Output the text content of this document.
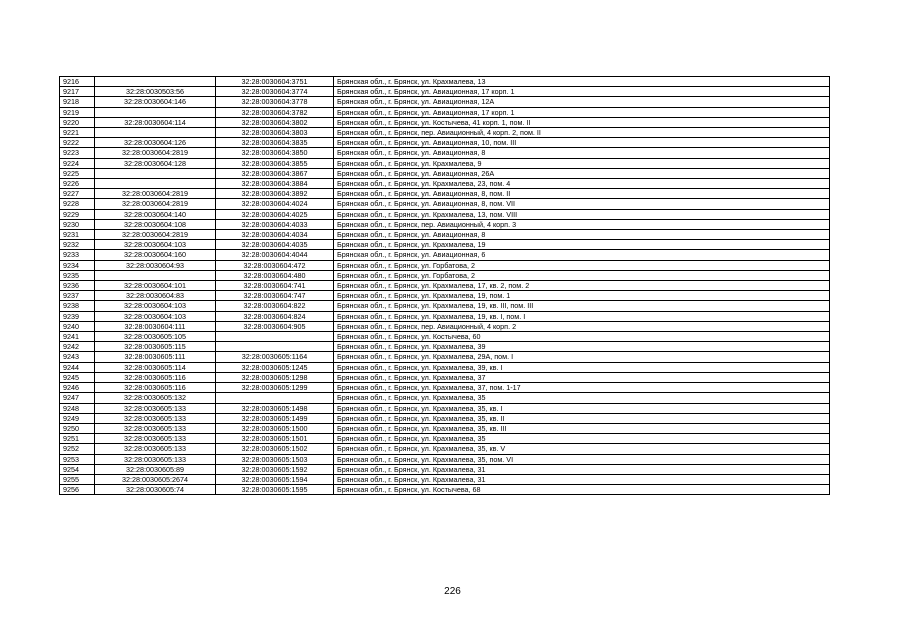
9216		32:28:0030604:3751	Брянская обл., г. Брянск, ул. Крахмалева, 13
9217	32:28:0030503:56	32:28:0030604:3774	Брянская обл., г. Брянск, ул. Авиационная, 17 корп. 1
9218	32:28:0030604:146	32:28:0030604:3778	Брянская обл., г. Брянск, ул. Авиационная, 12А
9219		32:28:0030604:3782	Брянская обл., г. Брянск, ул. Авиационная, 17 корп. 1
9220	32:28:0030604:114	32:28:0030604:3802	Брянская обл., г. Брянск, ул. Костычева, 41 корп. 1, пом. II
9221		32:28:0030604:3803	Брянская обл., г. Брянск, пер. Авиационный, 4 корп. 2, пом. II
9222	32:28:0030604:126	32:28:0030604:3835	Брянская обл., г. Брянск, ул. Авиационная, 10, пом. III
9223	32:28:0030604:2819	32:28:0030604:3850	Брянская обл., г. Брянск, ул. Авиационная, 8
9224	32:28:0030604:128	32:28:0030604:3855	Брянская обл., г. Брянск, ул. Крахмалева, 9
9225		32:28:0030604:3867	Брянская обл., г. Брянск, ул. Авиационная, 26А
9226		32:28:0030604:3884	Брянская обл., г. Брянск, ул. Крахмалева, 23, пом. 4
9227	32:28:0030604:2819	32:28:0030604:3892	Брянская обл., г. Брянск, ул. Авиационная, 8, пом. II
9228	32:28:0030604:2819	32:28:0030604:4024	Брянская обл., г. Брянск, ул. Авиационная, 8, пом. VII
9229	32:28:0030604:140	32:28:0030604:4025	Брянская обл., г. Брянск, ул. Крахмалева, 13, пом. VIII
9230	32:28:0030604:108	32:28:0030604:4033	Брянская обл., г. Брянск, пер. Авиационный, 4 корп. 3
9231	32:28:0030604:2819	32:28:0030604:4034	Брянская обл., г. Брянск, ул. Авиационная, 8
9232	32:28:0030604:103	32:28:0030604:4035	Брянская обл., г. Брянск, ул. Крахмалева, 19
9233	32:28:0030604:160	32:28:0030604:4044	Брянская обл., г. Брянск, ул. Авиационная, 6
9234	32:28:0030604:93	32:28:0030604:472	Брянская обл., г. Брянск, ул. Горбатова, 2
9235		32:28:0030604:480	Брянская обл., г. Брянск, ул. Горбатова, 2
9236	32:28:0030604:101	32:28:0030604:741	Брянская обл., г. Брянск, ул. Крахмалева, 17, кв. 2, пом. 2
9237	32:28:0030604:83	32:28:0030604:747	Брянская обл., г. Брянск, ул. Крахмалева, 19, пом. 1
9238	32:28:0030604:103	32:28:0030604:822	Брянская обл., г. Брянск, ул. Крахмалева, 19, кв. III, пом. III
9239	32:28:0030604:103	32:28:0030604:824	Брянская обл., г. Брянск, ул. Крахмалева, 19, кв. I, пом. I
9240	32:28:0030604:111	32:28:0030604:905	Брянская обл., г. Брянск, пер. Авиационный, 4 корп. 2
9241	32:28:0030605:105		Брянская обл., г. Брянск, ул. Костычева, 60
9242	32:28:0030605:115		Брянская обл., г. Брянск, ул. Крахмалева, 39
9243	32:28:0030605:111	32:28:0030605:1164	Брянская обл., г. Брянск, ул. Крахмалева, 29А, пом. I
9244	32:28:0030605:114	32:28:0030605:1245	Брянская обл., г. Брянск, ул. Крахмалева, 39, кв. I
9245	32:28:0030605:116	32:28:0030605:1298	Брянская обл., г. Брянск, ул. Крахмалева, 37
9246	32:28:0030605:116	32:28:0030605:1299	Брянская обл., г. Брянск, ул. Крахмалева, 37, пом. 1-17
9247	32:28:0030605:132		Брянская обл., г. Брянск, ул. Крахмалева, 35
9248	32:28:0030605:133	32:28:0030605:1498	Брянская обл., г. Брянск, ул. Крахмалева, 35, кв. I
9249	32:28:0030605:133	32:28:0030605:1499	Брянская обл., г. Брянск, ул. Крахмалева, 35, кв. II
9250	32:28:0030605:133	32:28:0030605:1500	Брянская обл., г. Брянск, ул. Крахмалева, 35, кв. III
9251	32:28:0030605:133	32:28:0030605:1501	Брянская обл., г. Брянск, ул. Крахмалева, 35
9252	32:28:0030605:133	32:28:0030605:1502	Брянская обл., г. Брянск, ул. Крахмалева, 35, кв. V
9253	32:28:0030605:133	32:28:0030605:1503	Брянская обл., г. Брянск, ул. Крахмалева, 35, пом. VI
9254	32:28:0030605:89	32:28:0030605:1592	Брянская обл., г. Брянск, ул. Крахмалева, 31
9255	32:28:0030605:2674	32:28:0030605:1594	Брянская обл., г. Брянск, ул. Крахмалева, 31
9256	32:28:0030605:74	32:28:0030605:1595	Брянская обл., г. Брянск, ул. Костычева, 68
226
